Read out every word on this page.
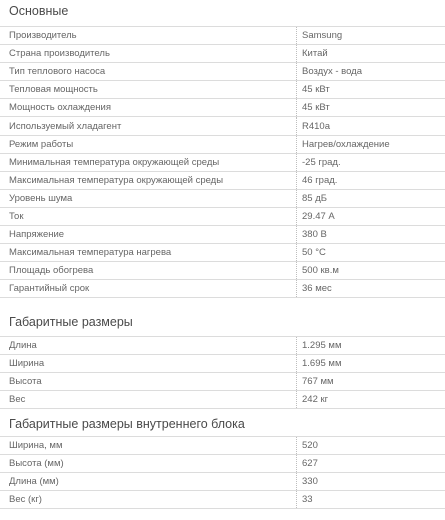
Основные
Производитель	Samsung
Страна производитель	Китай
Тип теплового насоса	Воздух - вода
Тепловая мощность	45 кВт
Мощность охлаждения	45 кВт
Используемый хладагент	R410a
Режим работы	Нагрев/охлаждение
Минимальная температура окружающей среды	-25 град.
Максимальная температура окружающей среды	46 град.
Уровень шума	85 дБ
Ток	29.47 А
Напряжение	380 В
Максимальная температура нагрева	50 °С
Площадь обогрева	500 кв.м
Гарантийный срок	36 мес
Габаритные размеры
Длина	1.295 мм
Ширина	1.695 мм
Высота	767 мм
Вес	242 кг
Габаритные размеры внутреннего блока
Ширина, мм	520
Высота (мм)	627
Длина (мм)	330
Вес (кг)	33
